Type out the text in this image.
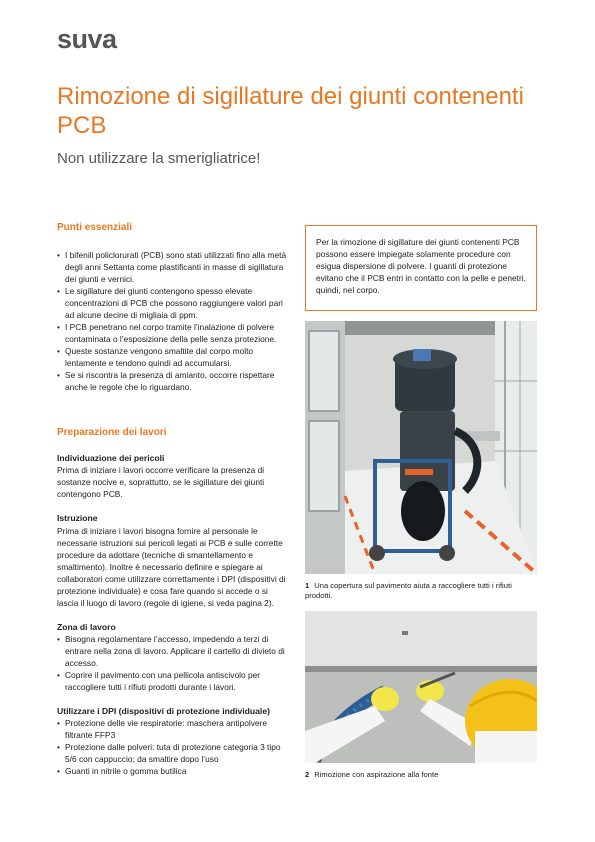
suva
Rimozione di sigillature dei giunti contenenti PCB
Non utilizzare la smerigliatrice!
Punti essenziali
• I bifenili policlorurati (PCB) sono stati utilizzati fino alla metà degli anni Settanta come plastificanti in masse di sigillatura dei giunti e vernici.
• Le sigillature dei giunti contengono spesso elevate concentrazioni di PCB che possono raggiungere valori pari ad alcune decine di migliaia di ppm.
• I PCB penetrano nel corpo tramite l’inalazione di polvere contaminata o l’esposizione della pelle senza protezione.
• Queste sostanze vengono smaltite dal corpo molto lentamente e tendono quindi ad accumularsi.
• Se si riscontra la presenza di amianto, occorre rispettare anche le regole che lo riguardano.
Preparazione dei lavori
Individuazione dei pericoli

Prima di iniziare i lavori occorre verificare la presenza di sostanze nocive e, soprattutto, se le sigillature dei giunti contengono PCB.

Istruzione

Prima di iniziare i lavori bisogna fornire al personale le necessarie istruzioni sui pericoli legati ai PCB e sulle corrette procedure da adottare (tecniche di smantellamento e smaltimento). Inoltre è necessario definire e spiegare ai collaboratori come utilizzare correttamente i DPI (dispositivi di protezione individuale) e cosa fare quando si accede o si lascia il luogo di lavoro (regole di igiene, si veda pagina 2).

Zona di lavoro
• Bisogna regolamentare l’accesso, impedendo a terzi di entrare nella zona di lavoro. Applicare il cartello di divieto di accesso.
• Coprire il pavimento con una pellicola antiscivolo per raccogliere tutti i rifiuti prodotti durante i lavori.
Utilizzare i DPI (dispositivi di protezione individuale)
• Protezione delle vie respiratorie: maschera antipolvere filtrante FFP3
• Protezione dalle polveri: tuta di protezione categoria 3 tipo 5/6 con cappuccio; da smaltire dopo l’uso
• Guanti in nitrile o gomma butilica
Per la rimozione di sigillature dei giunti contenenti PCB possono essere impiegate solamente procedure con esigua dispersione di polvere. I guanti di protezione evitano che il PCB entri in contatto con la pelle e penetri, quindi, nel corpo.
1 Una copertura sul pavimento aiuta a raccogliere tutti i rifiuti prodotti.
2 Rimozione con aspirazione alla fonte
